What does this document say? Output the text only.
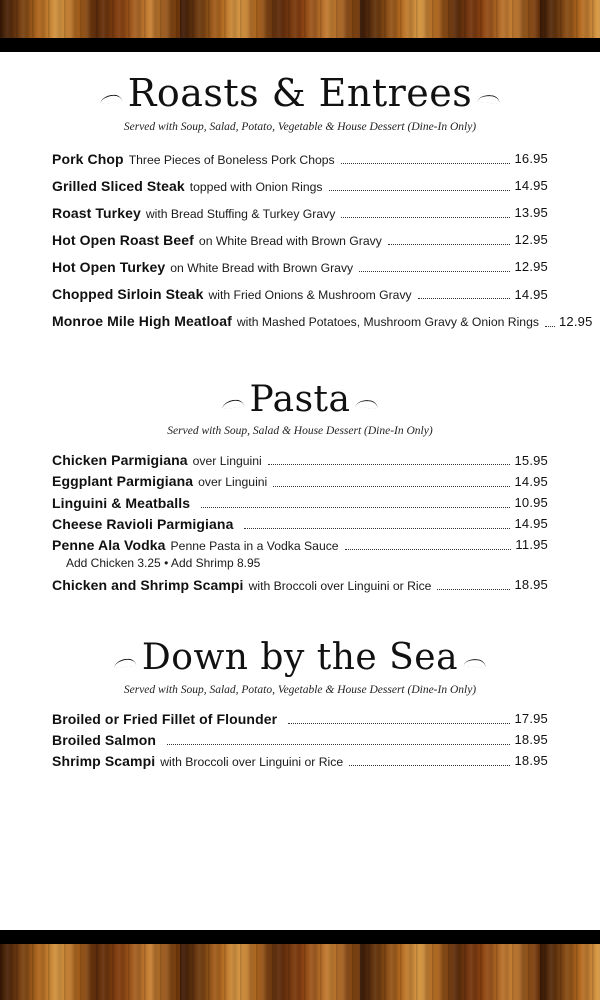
Roasts & Entrees
Served with Soup, Salad, Potato, Vegetable & House Dessert (Dine-In Only)
Pork Chop Three Pieces of Boneless Pork Chops	16.95
Grilled Sliced Steak topped with Onion Rings	14.95
Roast Turkey with Bread Stuffing & Turkey Gravy	13.95
Hot Open Roast Beef on White Bread with Brown Gravy	12.95
Hot Open Turkey on White Bread with Brown Gravy	12.95
Chopped Sirloin Steak with Fried Onions & Mushroom Gravy	14.95
Monroe Mile High Meatloaf with Mashed Potatoes, Mushroom Gravy & Onion Rings 12.95
Pasta
Served with Soup, Salad & House Dessert (Dine-In Only)
Chicken Parmigiana over Linguini	15.95
Eggplant Parmigiana over Linguini	14.95
Linguini & Meatballs	10.95
Cheese Ravioli Parmigiana	14.95
Penne Ala Vodka Penne Pasta in a Vodka Sauce	11.95
Add Chicken 3.25 • Add Shrimp 8.95
Chicken and Shrimp Scampi with Broccoli over Linguini or Rice	18.95
Down by the Sea
Served with Soup, Salad, Potato, Vegetable & House Dessert (Dine-In Only)
Broiled or Fried Fillet of Flounder	17.95
Broiled Salmon	18.95
Shrimp Scampi with Broccoli over Linguini or Rice	18.95
